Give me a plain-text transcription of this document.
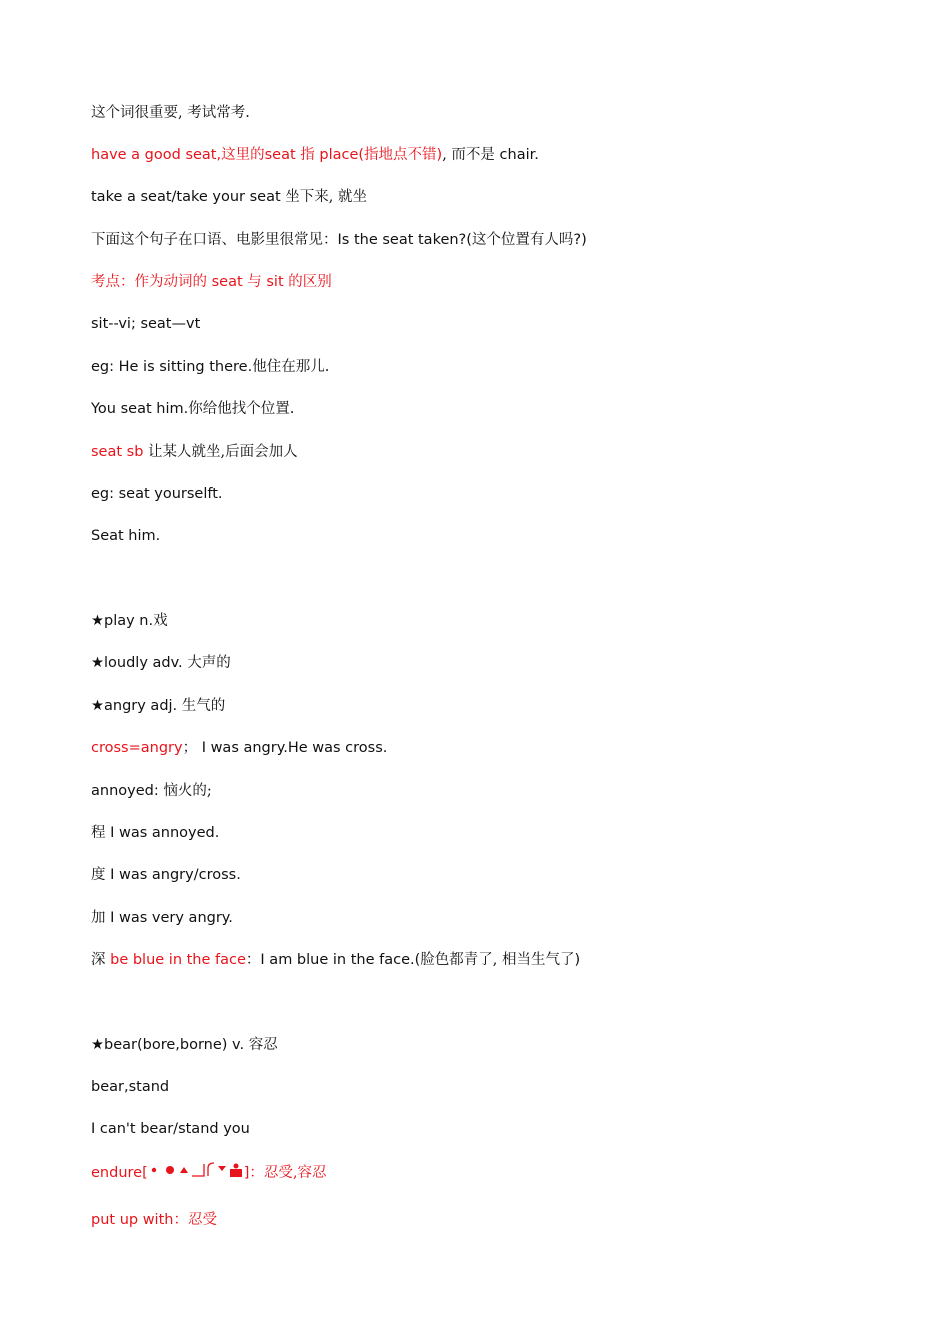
这个词很重要, 考试常考.
have a good seat,这里的seat 指 place(指地点不错), 而不是 chair.
take a seat/take your seat 坐下来, 就坐
下面这个句子在口语、电影里很常见：Is the seat taken?(这个位置有人吗?)
考点：作为动词的 seat 与 sit 的区别
sit--vi; seat—vt
eg: He is sitting there.他住在那儿.
You seat him.你给他找个位置.
seat sb 让某人就坐,后面会加人
eg: seat yourselft.
Seat him.
★play n.戏
★loudly adv. 大声的
★angry adj. 生气的
cross=angry； I was angry.He was cross.
annoyed: 恼火的;
程 I was annoyed.
度 I was angry/cross.
加 I was very angry.
深 be blue in the face：I am blue in the face.(脸色都青了, 相当生气了)
★bear(bore,borne) v. 容忍
bear,stand
I can't bear/stand you
endure[	]：忍受,容忍
put up with：忍受
